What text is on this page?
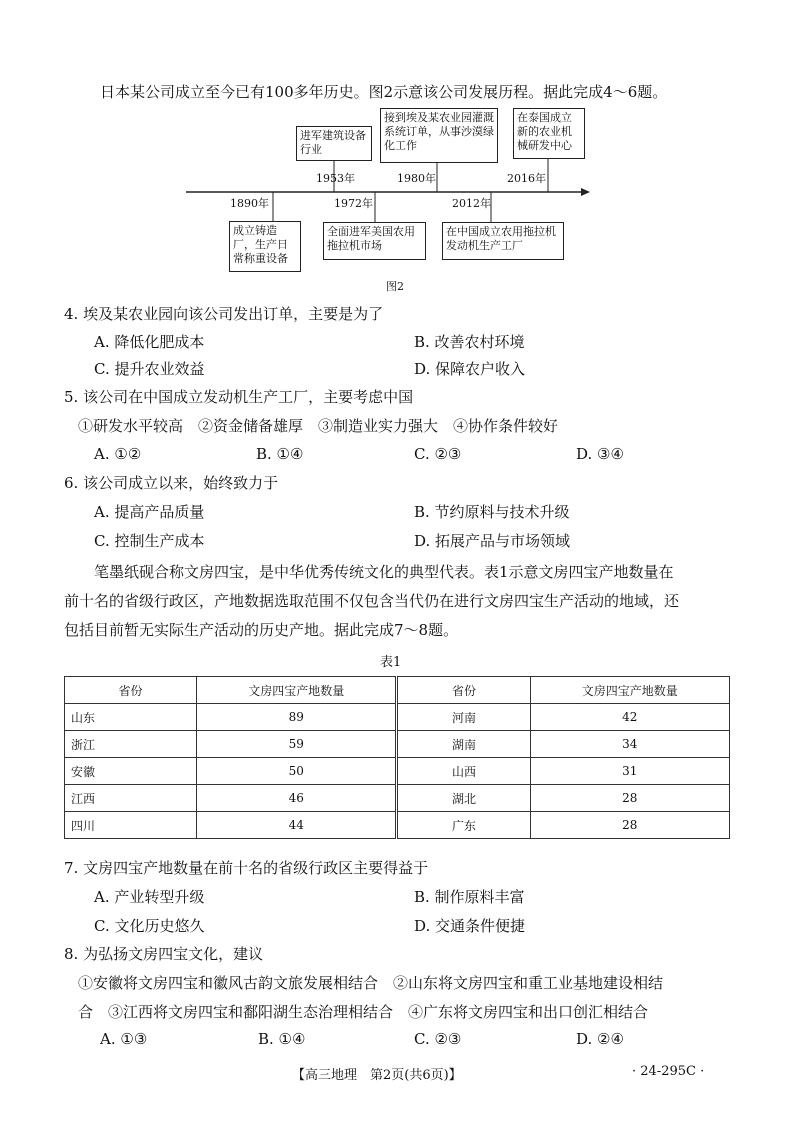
日本某公司成立至今已有100多年历史。图2示意该公司发展历程。据此完成4～6题。
进军建筑设备行业
1953年
接到埃及某农业园灌溉系统订单，从事沙漠绿化工作
1980年
在泰国成立新的农业机械研发中心
2016年
1890年
成立铸造厂，生产日常称重设备
1972年
全面进军美国农用拖拉机市场
2012年
在中国成立农用拖拉机发动机生产工厂
图2
4. 埃及某农业园向该公司发出订单，主要是为了
A. 降低化肥成本	B. 改善农村环境
C. 提升农业效益	D. 保障农户收入
5. 该公司在中国成立发动机生产工厂，主要考虑中国
①研发水平较高　②资金储备雄厚　③制造业实力强大　④协作条件较好
A. ①②	B. ①④	C. ②③	D. ③④
6. 该公司成立以来，始终致力于
A. 提高产品质量	B. 节约原料与技术升级
C. 控制生产成本	D. 拓展产品与市场领域
笔墨纸砚合称文房四宝，是中华优秀传统文化的典型代表。表1示意文房四宝产地数量在
前十名的省级行政区，产地数据选取范围不仅包含当代仍在进行文房四宝生产活动的地域，还
包括目前暂无实际生产活动的历史产地。据此完成7～8题。
表1
省份	文房四宝产地数量	省份	文房四宝产地数量
山东	89	河南	42
浙江	59	湖南	34
安徽	50	山西	31
江西	46	湖北	28
四川	44	广东	28
7. 文房四宝产地数量在前十名的省级行政区主要得益于
A. 产业转型升级	B. 制作原料丰富
C. 文化历史悠久	D. 交通条件便捷
8. 为弘扬文房四宝文化，建议
①安徽将文房四宝和徽风古韵文旅发展相结合　②山东将文房四宝和重工业基地建设相结
合　③江西将文房四宝和鄱阳湖生态治理相结合　④广东将文房四宝和出口创汇相结合
A. ①③	B. ①④	C. ②③	D. ②④
【高三地理　第2页(共6页)】	· 24-295C ·
